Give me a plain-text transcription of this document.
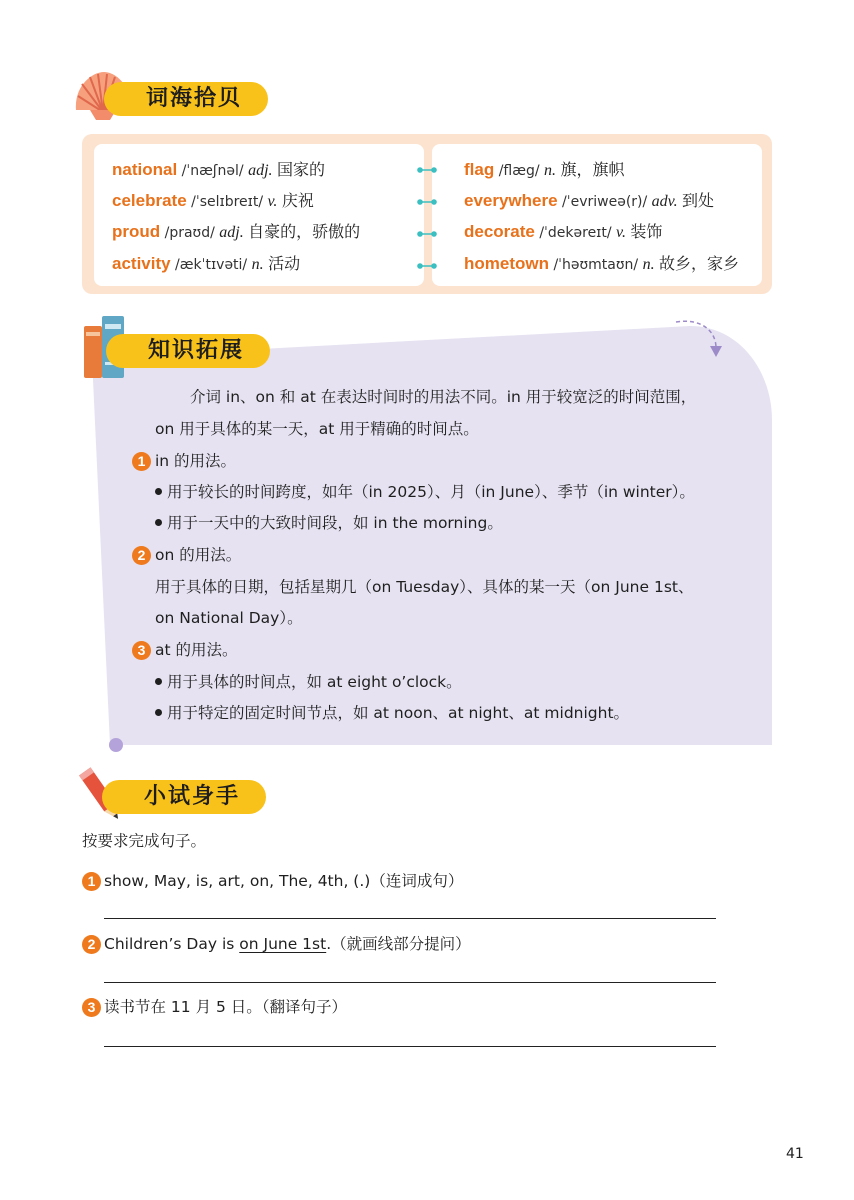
词海拾贝
national /ˈnæʃnəl/ adj. 国家的
celebrate /ˈselɪbreɪt/ v. 庆祝
proud /praʊd/ adj. 自豪的，骄傲的
activity /ækˈtɪvəti/ n. 活动
flag /flæg/ n. 旗，旗帜
everywhere /ˈevriweə(r)/ adv. 到处
decorate /ˈdekəreɪt/ v. 装饰
hometown /ˈhəʊmtaʊn/ n. 故乡，家乡
知识拓展
介词 in、on 和 at 在表达时间时的用法不同。in 用于较宽泛的时间范围，
on 用于具体的某一天，at 用于精确的时间点。
1 in 的用法。
用于较长的时间跨度，如年（in 2025）、月（in June）、季节（in winter）。
用于一天中的大致时间段，如 in the morning。
2 on 的用法。
用于具体的日期，包括星期几（on Tuesday）、具体的某一天（on June 1st、
on National Day）。
3 at 的用法。
用于具体的时间点，如 at eight o’clock。
用于特定的固定时间节点，如 at noon、at night、at midnight。
小试身手
按要求完成句子。
1 show, May, is, art, on, The, 4th, (.)（连词成句）
2 Children’s Day is on June 1st.（就画线部分提问）
3 读书节在 11 月 5 日。（翻译句子）
41
